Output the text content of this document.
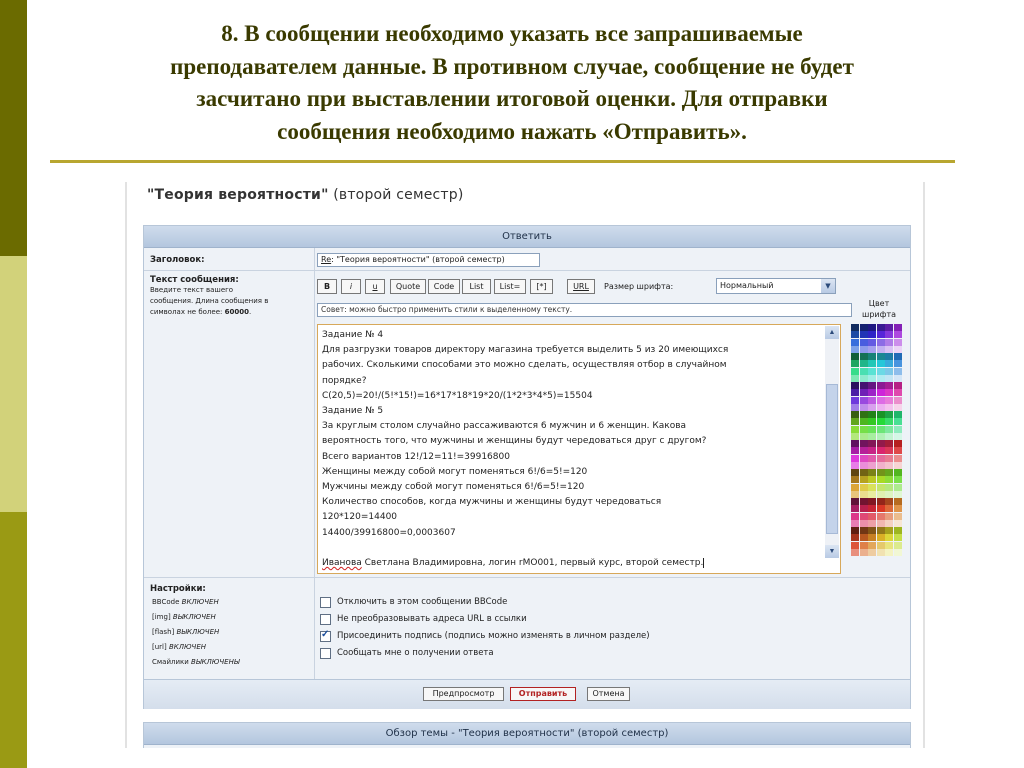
8. В сообщении необходимо указать все запрашиваемые
преподавателем данные. В противном случае, сообщение не будет
засчитано при выставлении итоговой оценки. Для отправки
сообщения необходимо нажать «Отправить».
"Теория вероятности" (второй семестр)
Ответить
Заголовок:	Re: "Теория вероятности" (второй семестр)
Текст сообщения:
Введите текст вашего
сообщения. Длина сообщения в
символах не более: 60000.
B	i	u	Quote	Code	List	List=	[*]	URL	Размер шрифта:	Нормальный	▼
Совет: можно быстро применить стили к выделенному тексту.
Цвет
шрифта
Задание № 4
Для разгрузки товаров директору магазина требуется выделить 5 из 20 имеющихся
рабочих. Сколькими способами это можно сделать, осуществляя отбор в случайном
порядке?
C(20,5)=20!/(5!*15!)=16*17*18*19*20/(1*2*3*4*5)=15504
Задание № 5
За круглым столом случайно рассаживаются 6 мужчин и 6 женщин. Какова
вероятность того, что мужчины и женщины будут чередоваться друг с другом?
Всего вариантов 12!/12=11!=39916800
Женщины между собой могут поменяться 6!/6=5!=120
Мужчины между собой могут поменяться 6!/6=5!=120
Количество способов, когда мужчины и женщины будут чередоваться
120*120=14400
14400/39916800=0,0003607
Иванова Светлана Владимировна, логин rMO001, первый курс, второй семестр.
▲
▼
Настройки:
BBCode ВКЛЮЧЕН
[img] ВЫКЛЮЧЕН
[flash] ВЫКЛЮЧЕН
[url] ВКЛЮЧЕН
Смайлики ВЫКЛЮЧЕНЫ
Отключить в этом сообщении BBCode
Не преобразовывать адреса URL в ссылки
✓
Присоединить подпись (подпись можно изменять в личном разделе)
Сообщать мне о получении ответа
Предпросмотр	Отправить	Отмена
Обзор темы - "Теория вероятности" (второй семестр)
